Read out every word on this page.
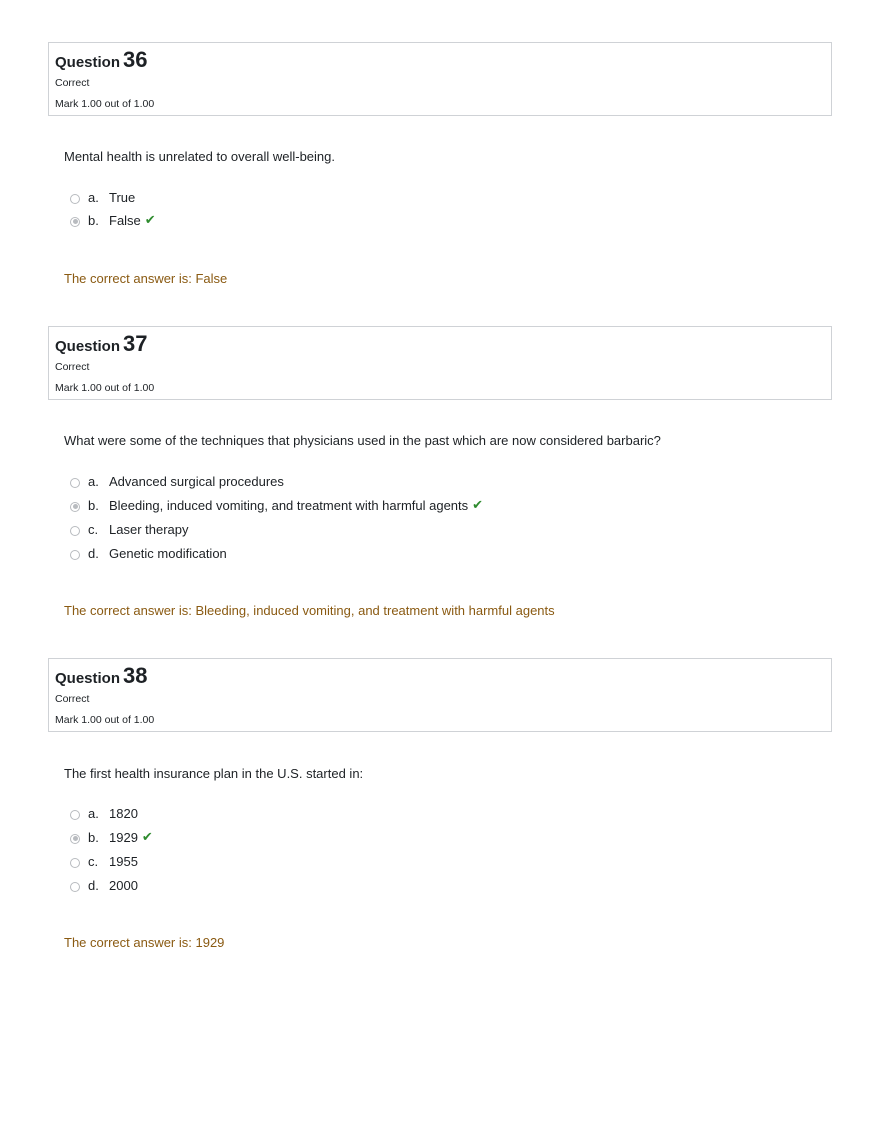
Question 36
Correct
Mark 1.00 out of 1.00
Mental health is unrelated to overall well-being.
a. True
b. False ✔
The correct answer is: False
Question 37
Correct
Mark 1.00 out of 1.00
What were some of the techniques that physicians used in the past which are now considered barbaric?
a. Advanced surgical procedures
b. Bleeding, induced vomiting, and treatment with harmful agents ✔
c. Laser therapy
d. Genetic modification
The correct answer is: Bleeding, induced vomiting, and treatment with harmful agents
Question 38
Correct
Mark 1.00 out of 1.00
The first health insurance plan in the U.S. started in:
a. 1820
b. 1929 ✔
c. 1955
d. 2000
The correct answer is: 1929
